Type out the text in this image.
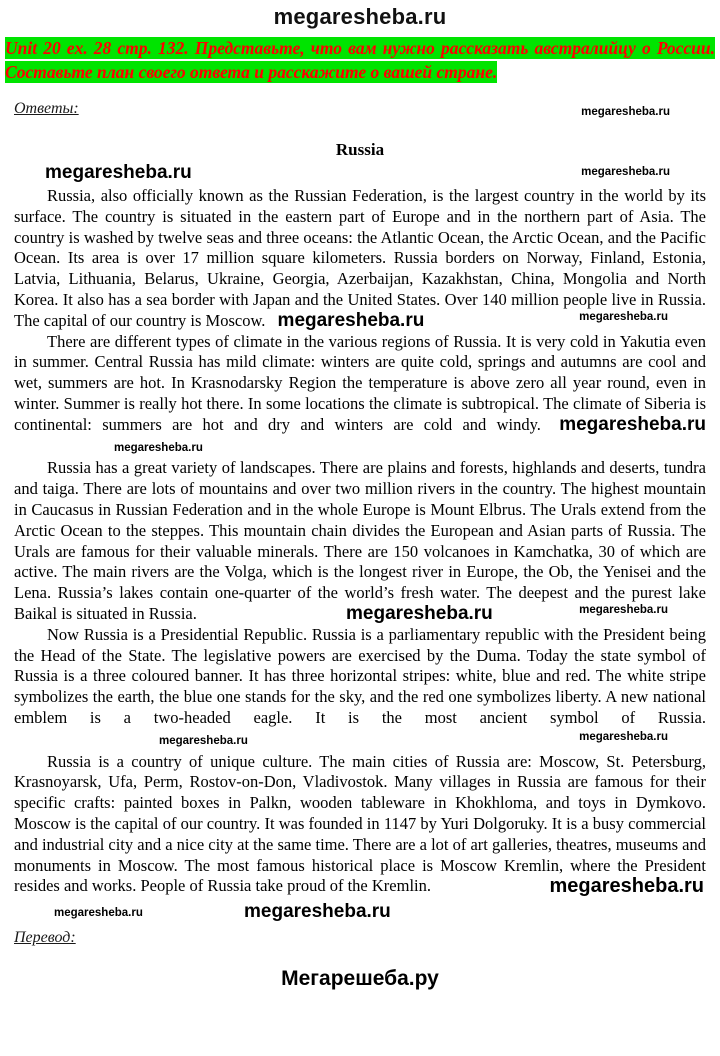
megaresheba.ru
Unit 20 ex. 28 стр. 132. Представьте, что вам нужно рассказать австралийцу о России. Составьте план своего ответа и расскажите о вашей стране.
Ответы:	megaresheba.ru
Russia
megaresheba.ru	megaresheba.ru
Russia, also officially known as the Russian Federation, is the largest country in the world by its surface. The country is situated in the eastern part of Europe and in the northern part of Asia. The country is washed by twelve seas and three oceans: the Atlantic Ocean, the Arctic Ocean, and the Pacific Ocean. Its area is over 17 million square kilometers. Russia borders on Norway, Finland, Estonia, Latvia, Lithuania, Belarus, Ukraine, Georgia, Azerbaijan, Kazakhstan, China, Mongolia and North Korea. It also has a sea border with Japan and the United States. Over 140 million people live in Russia. The capital of our country is Moscow. megaresheba.ru	megaresheba.ru
There are different types of climate in the various regions of Russia. It is very cold in Yakutia even in summer. Central Russia has mild climate: winters are quite cold, springs and autumns are cool and wet, summers are hot. In Krasnodarsky Region the temperature is above zero all year round, even in winter. Summer is really hot there. In some locations the climate is subtropical. The climate of Siberia is continental: summers are hot and dry and winters are cold and windy. megaresheba.ru megaresheba.ru
Russia has a great variety of landscapes. There are plains and forests, highlands and deserts, tundra and taiga. There are lots of mountains and over two million rivers in the country. The highest mountain in Caucasus in Russian Federation and in the whole Europe is Mount Elbrus. The Urals extend from the Arctic Ocean to the steppes. This mountain chain divides the European and Asian parts of Russia. The Urals are famous for their valuable minerals. There are 150 volcanoes in Kamchatka, 30 of which are active. The main rivers are the Volga, which is the longest river in Europe, the Ob, the Yenisei and the Lena. Russia’s lakes contain one-quarter of the world’s fresh water. The deepest and the purest lake Baikal is situated in Russia.	megaresheba.ru	megaresheba.ru
Now Russia is a Presidential Republic. Russia is a parliamentary republic with the President being the Head of the State. The legislative powers are exercised by the Duma. Today the state symbol of Russia is a three coloured banner. It has three horizontal stripes: white, blue and red. The white stripe symbolizes the earth, the blue one stands for the sky, and the red one symbolizes liberty. A new national emblem is a two-headed eagle. It is the most ancient symbol of Russia. megaresheba.ru	megaresheba.ru
Russia is a country of unique culture. The main cities of Russia are: Moscow, St. Petersburg, Krasnoyarsk, Ufa, Perm, Rostov-on-Don, Vladivostok. Many villages in Russia are famous for their specific crafts: painted boxes in Palkn, wooden tableware in Khokhloma, and toys in Dymkovo. Moscow is the capital of our country. It was founded in 1147 by Yuri Dolgoruky. It is a busy commercial and industrial city and a nice city at the same time. There are a lot of art galleries, theatres, museums and monuments in Moscow. The most famous historical place is Moscow Kremlin, where the President resides and works. People of Russia take proud of the Kremlin.	megaresheba.ru
megaresheba.ru	megaresheba.ru
Перевод:
Мегарешеба.ру
